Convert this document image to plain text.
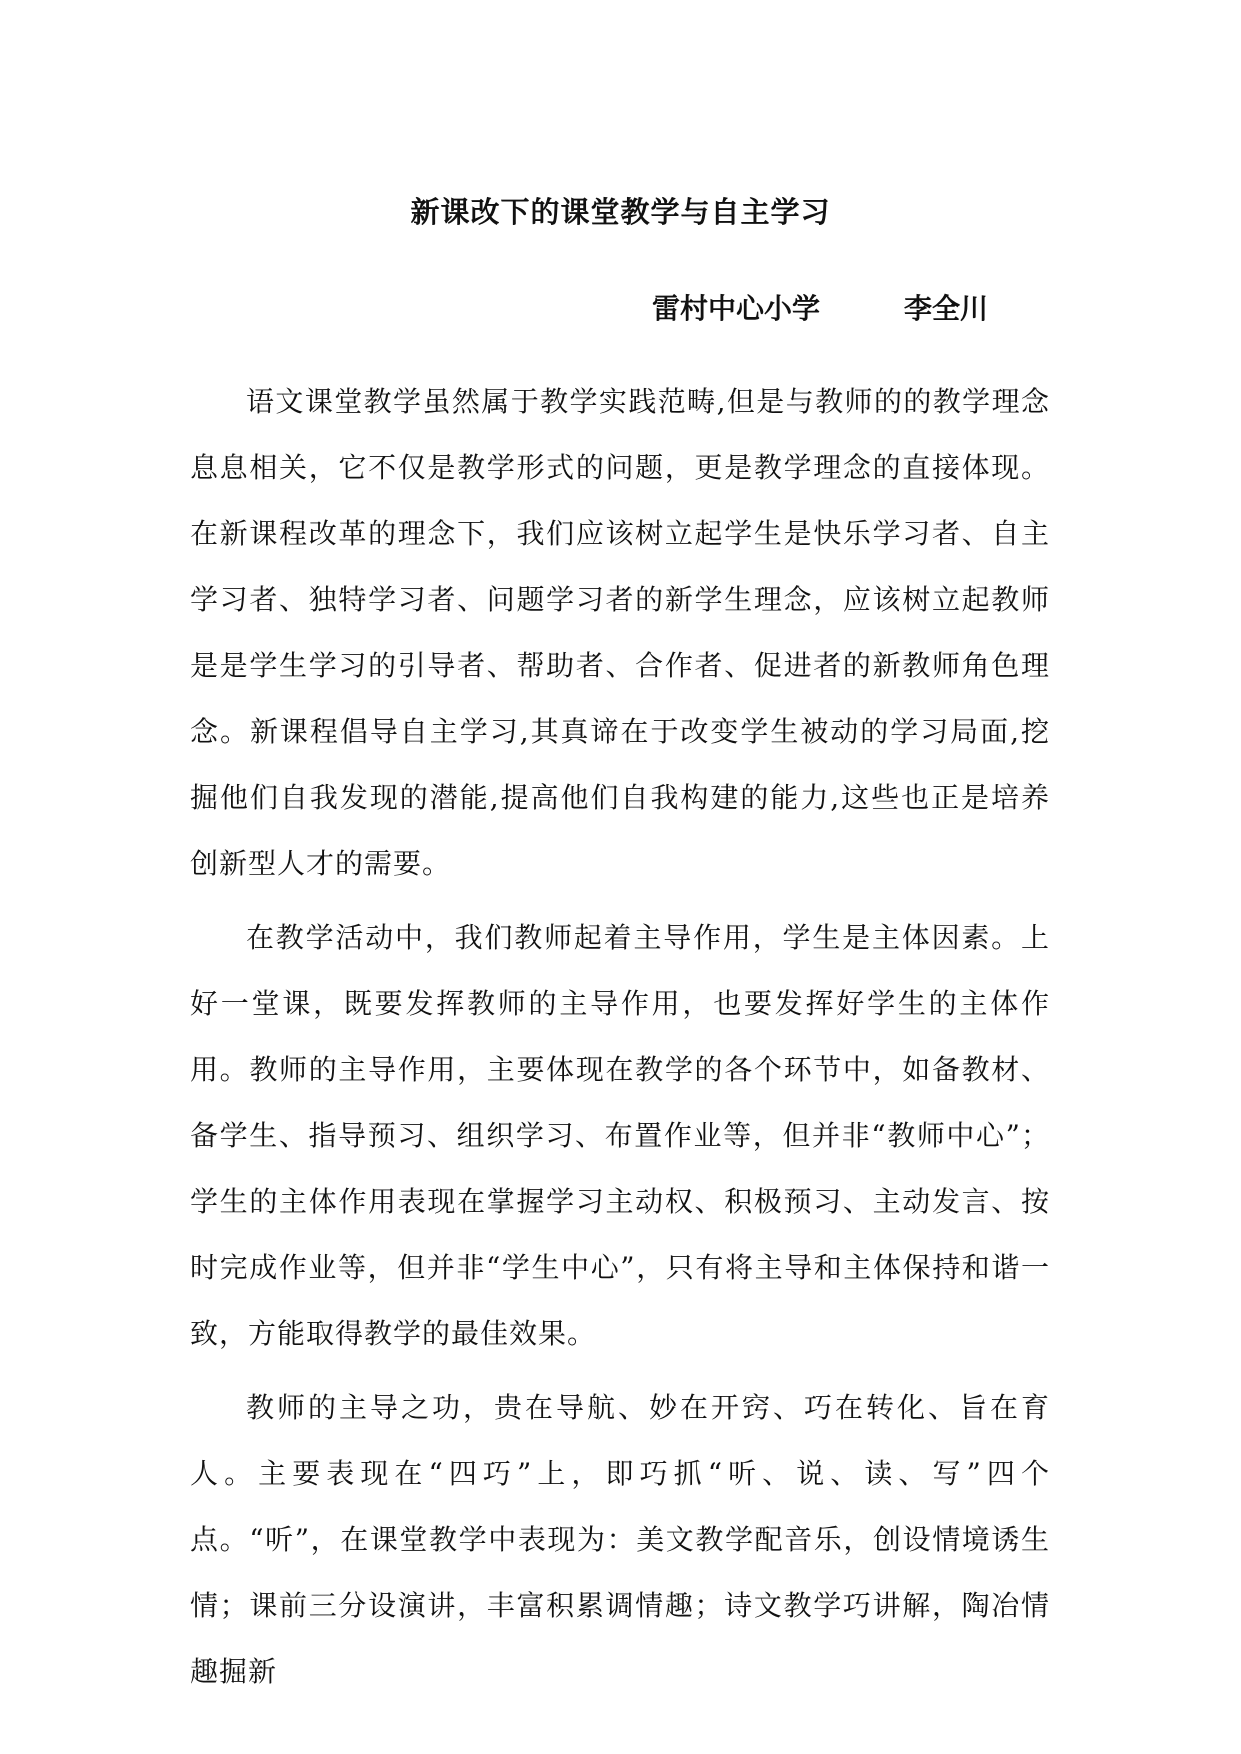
新课改下的课堂教学与自主学习
雷村中心小学	李全川

语文课堂教学虽然属于教学实践范畴,但是与教师的的教学理念息息相关，它不仅是教学形式的问题，更是教学理念的直接体现。在新课程改革的理念下，我们应该树立起学生是快乐学习者、自主学习者、独特学习者、问题学习者的新学生理念，应该树立起教师是是学生学习的引导者、帮助者、合作者、促进者的新教师角色理念。新课程倡导自主学习,其真谛在于改变学生被动的学习局面,挖掘他们自我发现的潜能,提高他们自我构建的能力,这些也正是培养创新型人才的需要。

在教学活动中，我们教师起着主导作用，学生是主体因素。上好一堂课，既要发挥教师的主导作用，也要发挥好学生的主体作用。教师的主导作用，主要体现在教学的各个环节中，如备教材、备学生、指导预习、组织学习、布置作业等，但并非“教师中心”；学生的主体作用表现在掌握学习主动权、积极预习、主动发言、按时完成作业等，但并非“学生中心”，只有将主导和主体保持和谐一致，方能取得教学的最佳效果。

教师的主导之功，贵在导航、妙在开窍、巧在转化、旨在育人。主要表现在“四巧”上，即巧抓“听、说、读、写”四个点。“听”，在课堂教学中表现为：美文教学配音乐，创设情境诱生情；课前三分设演讲，丰富积累调情趣；诗文教学巧讲解，陶冶情趣掘新
